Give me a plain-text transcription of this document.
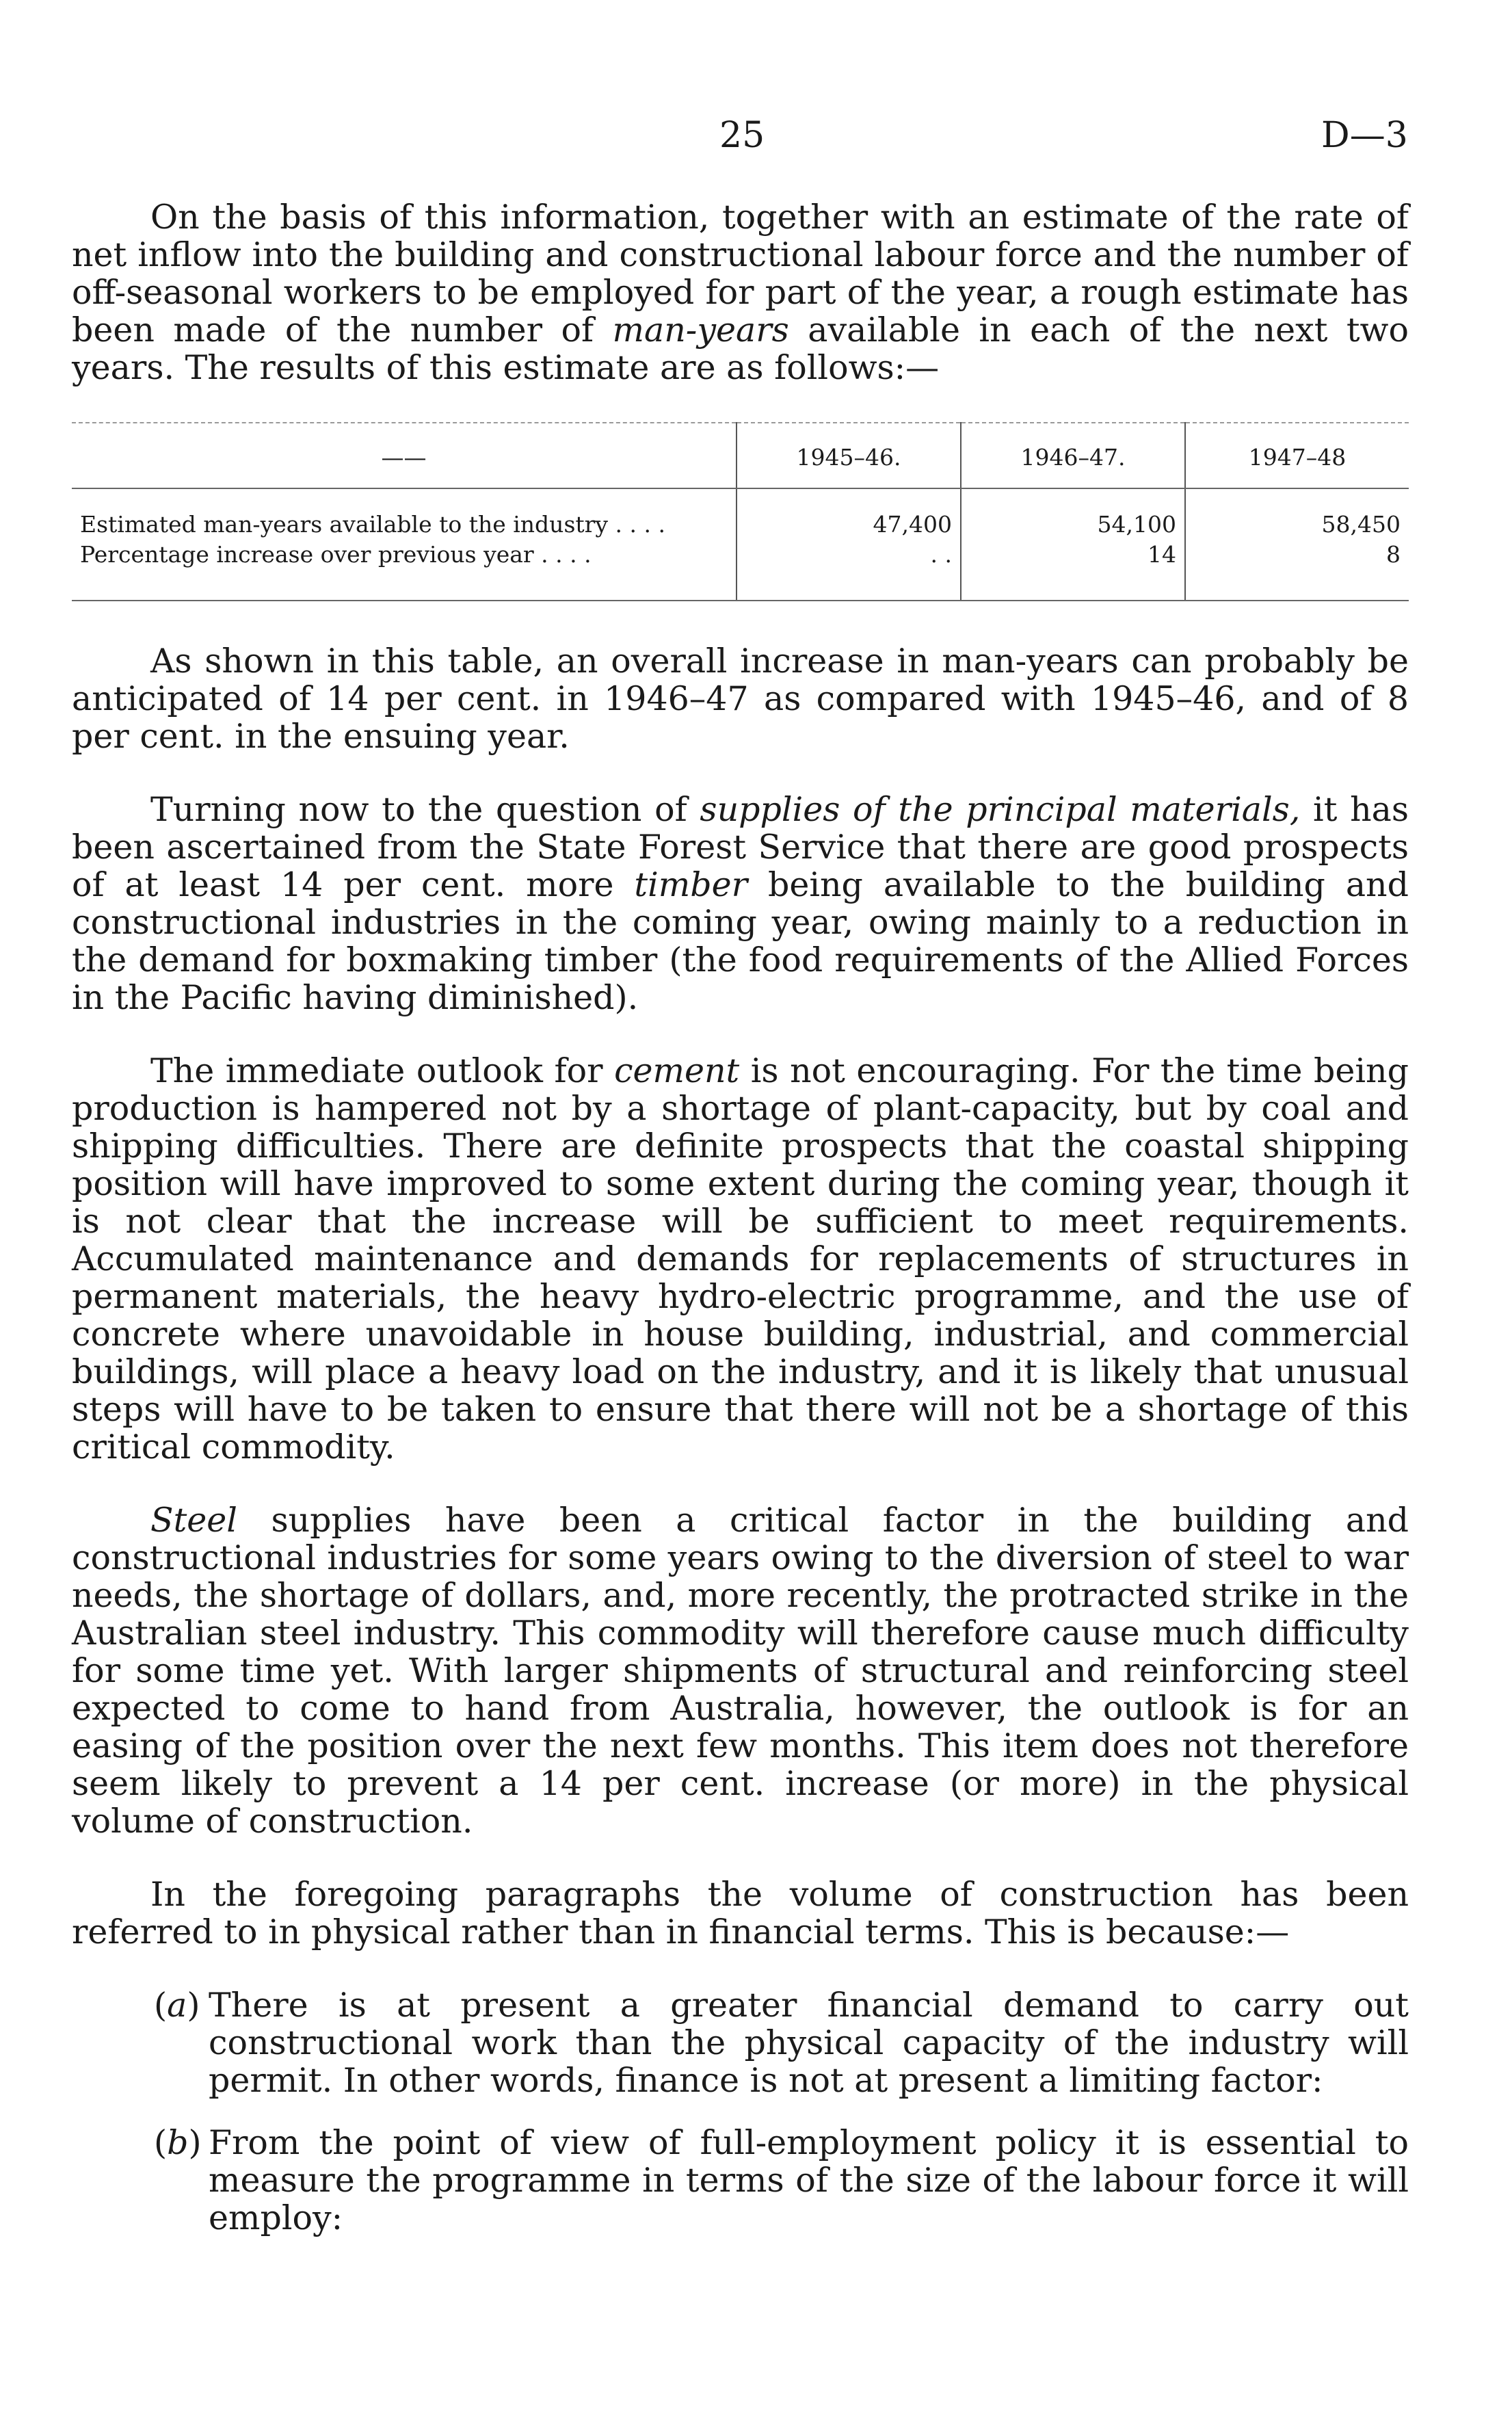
25	D—3

On the basis of this information, together with an estimate of the rate of net inflow into the building and constructional labour force and the number of off-seasonal workers to be employed for part of the year, a rough estimate has been made of the number of man-years available in each of the next two years. The results of this estimate are as follows:—

——	1945–46.	1946–47.	1947–48
Estimated man-years available to the industry . . . .	47,400	54,100	58,450
Percentage increase over previous year . . . .	. .	14	8

As shown in this table, an overall increase in man-years can probably be anticipated of 14 per cent. in 1946–47 as compared with 1945–46, and of 8 per cent. in the ensuing year.

Turning now to the question of supplies of the principal materials, it has been ascertained from the State Forest Service that there are good prospects of at least 14 per cent. more timber being available to the building and constructional industries in the coming year, owing mainly to a reduction in the demand for boxmaking timber (the food requirements of the Allied Forces in the Pacific having diminished).

The immediate outlook for cement is not encouraging. For the time being production is hampered not by a shortage of plant-capacity, but by coal and shipping difficulties. There are definite prospects that the coastal shipping position will have improved to some extent during the coming year, though it is not clear that the increase will be sufficient to meet requirements. Accumulated maintenance and demands for replacements of structures in permanent materials, the heavy hydro-electric programme, and the use of concrete where unavoidable in house building, industrial, and commercial buildings, will place a heavy load on the industry, and it is likely that unusual steps will have to be taken to ensure that there will not be a shortage of this critical commodity.

Steel supplies have been a critical factor in the building and constructional industries for some years owing to the diversion of steel to war needs, the shortage of dollars, and, more recently, the protracted strike in the Australian steel industry. This commodity will therefore cause much difficulty for some time yet. With larger shipments of structural and reinforcing steel expected to come to hand from Australia, however, the outlook is for an easing of the position over the next few months. This item does not therefore seem likely to prevent a 14 per cent. increase (or more) in the physical volume of construction.

In the foregoing paragraphs the volume of construction has been referred to in physical rather than in financial terms. This is because:—

(a) There is at present a greater financial demand to carry out constructional work than the physical capacity of the industry will permit. In other words, finance is not at present a limiting factor:
(b) From the point of view of full-employment policy it is essential to measure the programme in terms of the size of the labour force it will employ:
